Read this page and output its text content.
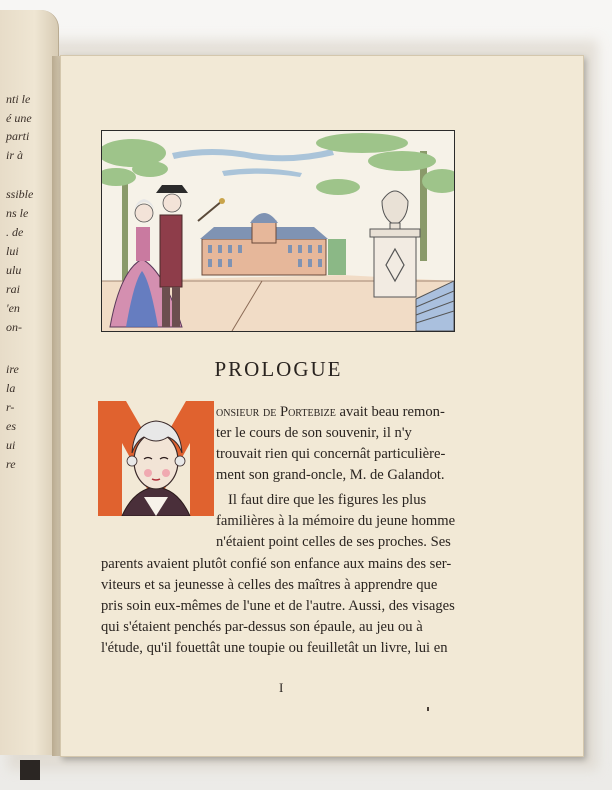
nti le
é une
parti
ir à
ssible
ns le
. de
lui
ulu
rai
'en
on-
ire
la
r-
es
ui
re
PROLOGUE
onsieur de Portebize avait beau remon-
ter le cours de son souvenir, il n'y
trouvait rien qui concernât particulière-
ment son grand-oncle, M. de Galandot.
Il faut dire que les figures les plus
familières à la mémoire du jeune homme
n'étaient point celles de ses proches. Ses
parents avaient plutôt confié son enfance aux mains des ser-
viteurs et sa jeunesse à celles des maîtres à apprendre que
pris soin eux-mêmes de l'une et de l'autre. Aussi, des visages
qui s'étaient penchés par-dessus son épaule, au jeu ou à
l'étude, qu'il fouettât une toupie ou feuilletât un livre, lui en
I
